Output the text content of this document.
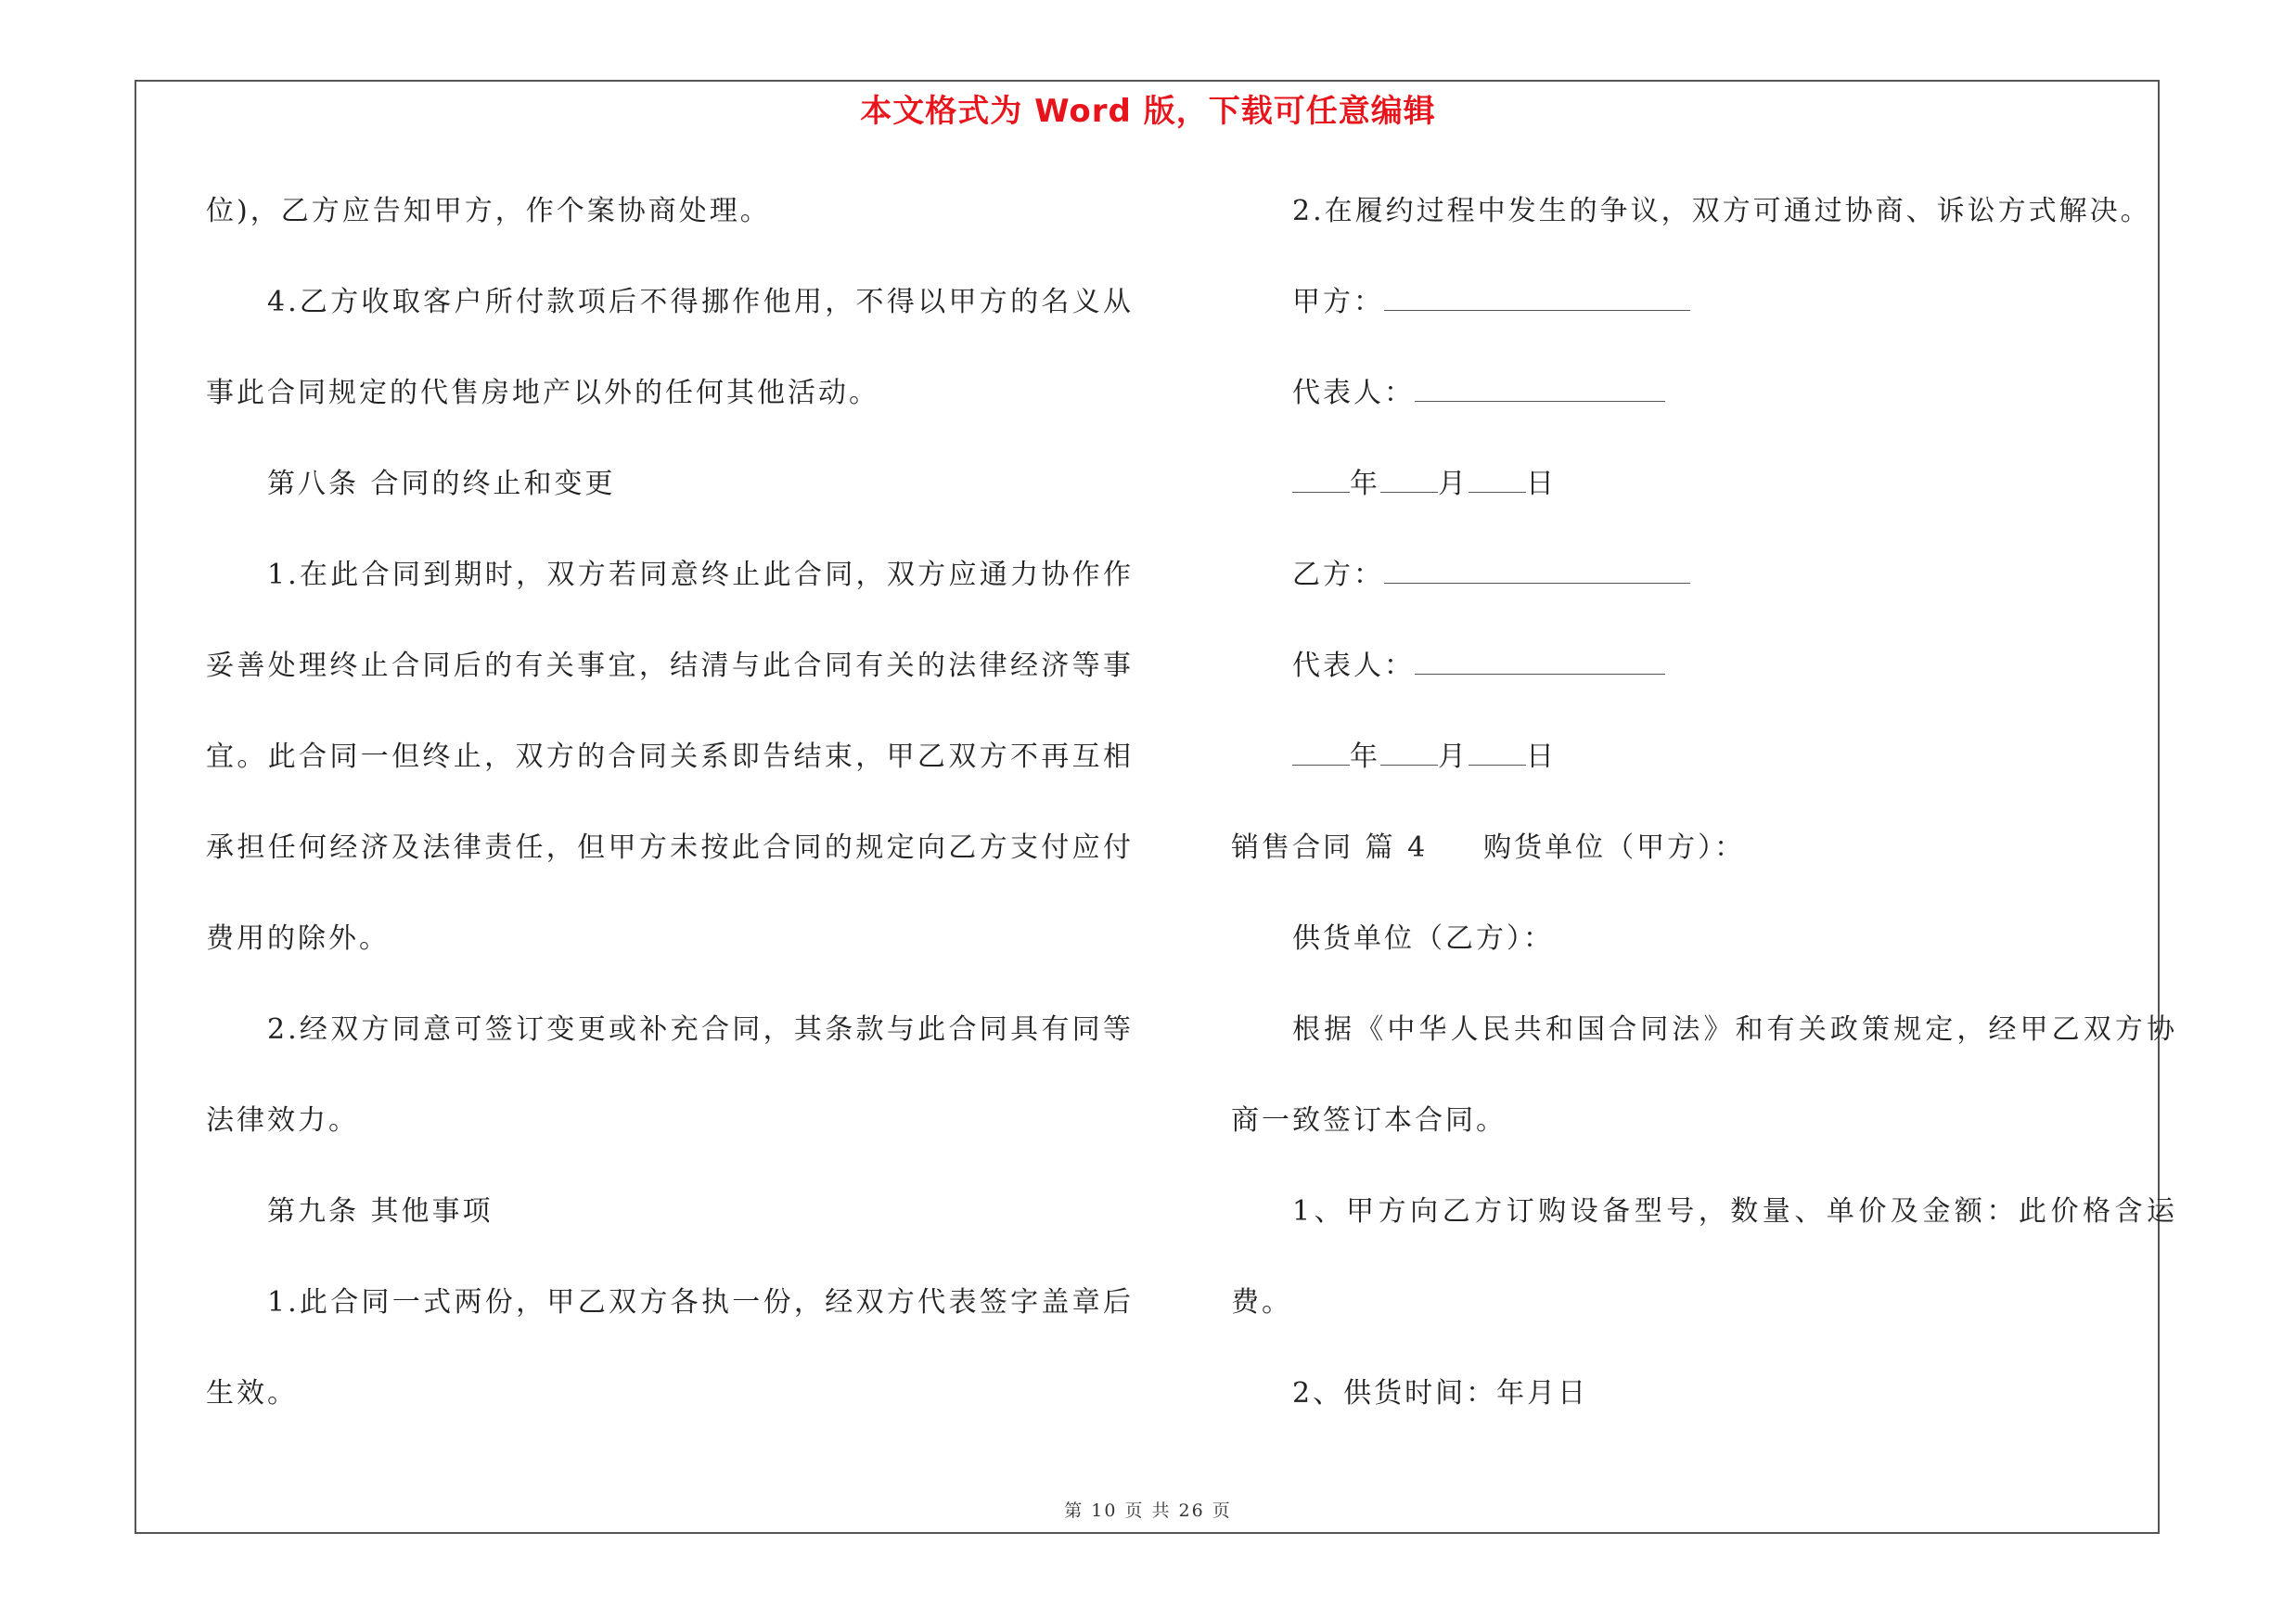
本文格式为 Word 版，下载可任意编辑
位)，乙方应告知甲方，作个案协商处理。
4.乙方收取客户所付款项后不得挪作他用，不得以甲方的名义从
事此合同规定的代售房地产以外的任何其他活动。
第八条 合同的终止和变更
1.在此合同到期时，双方若同意终止此合同，双方应通力协作作
妥善处理终止合同后的有关事宜，结清与此合同有关的法律经济等事
宜。此合同一但终止，双方的合同关系即告结束，甲乙双方不再互相
承担任何经济及法律责任，但甲方未按此合同的规定向乙方支付应付
费用的除外。
2.经双方同意可签订变更或补充合同，其条款与此合同具有同等
法律效力。
第九条 其他事项
1.此合同一式两份，甲乙双方各执一份，经双方代表签字盖章后
生效。
2.在履约过程中发生的争议，双方可通过协商、诉讼方式解决。
甲方：
代表人：
年 月 日
乙方：
代表人：
年 月 日
销售合同 篇 4 购货单位（甲方）：
供货单位（乙方）：
根据《中华人民共和国合同法》和有关政策规定，经甲乙双方协
商一致签订本合同。
1、甲方向乙方订购设备型号，数量、单价及金额：此价格含运
费。
2、供货时间：年月日
第 10 页 共 26 页
